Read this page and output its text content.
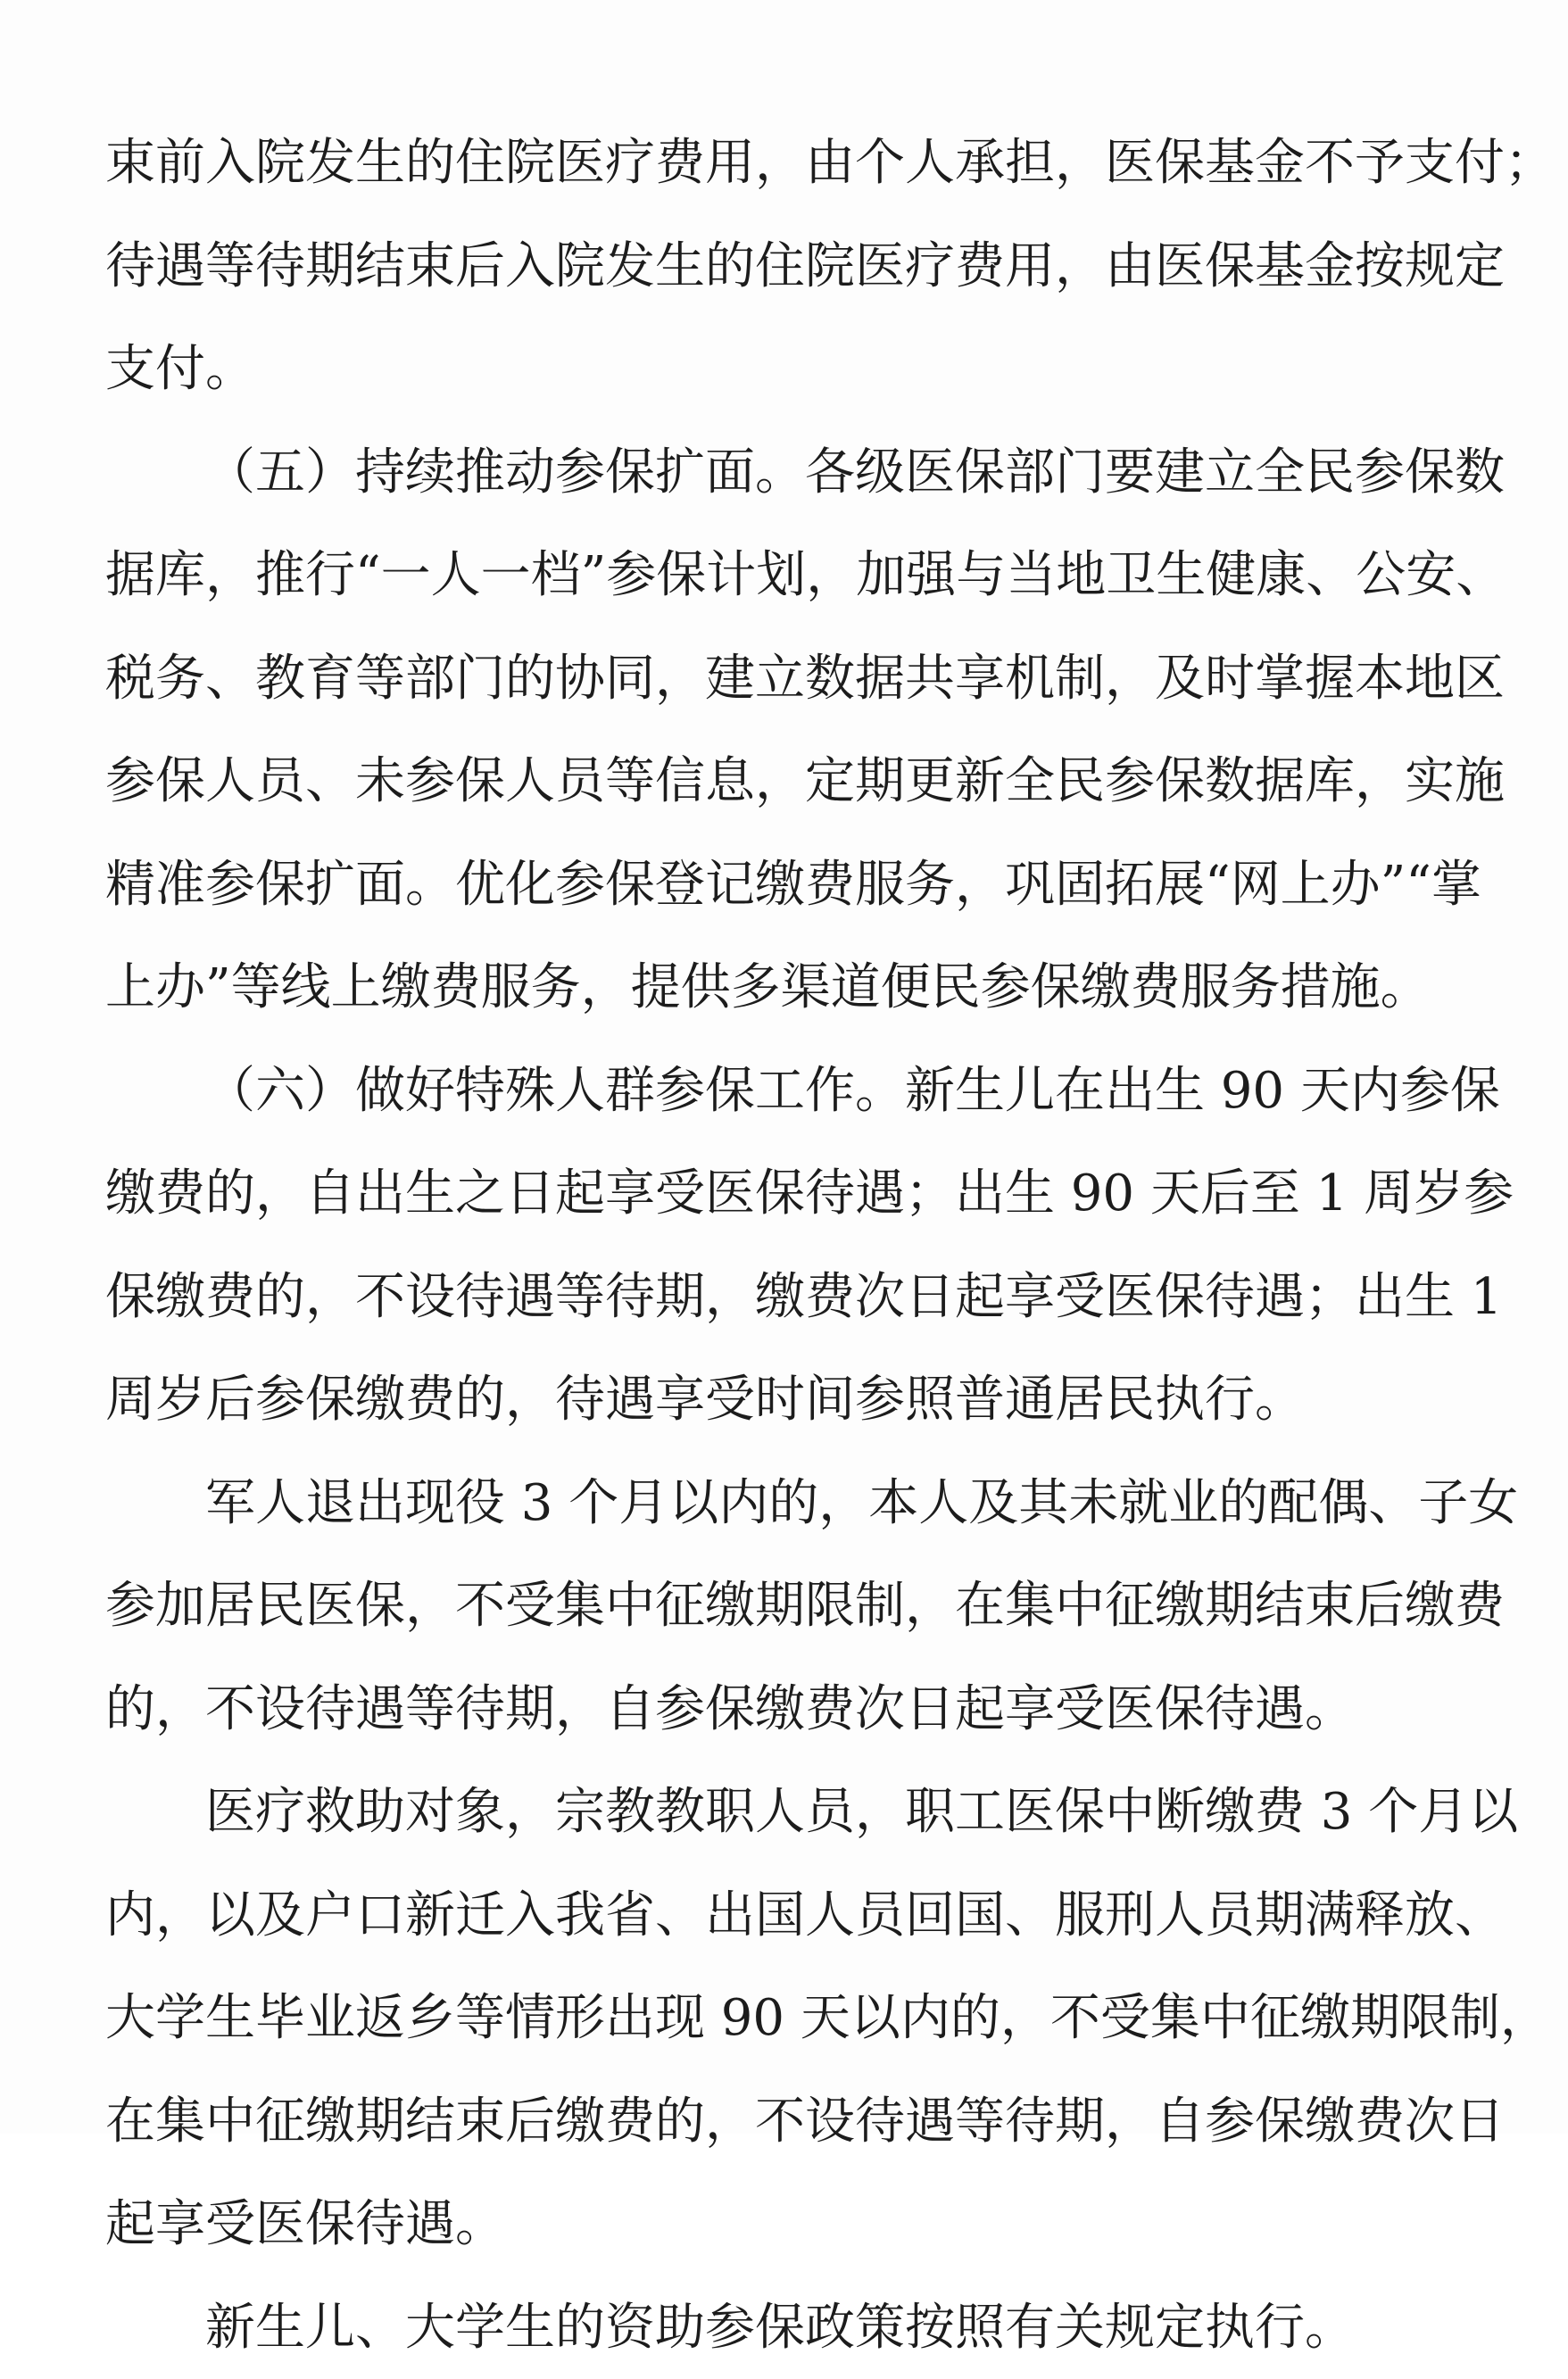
束前入院发生的住院医疗费用，由个人承担，医保基金不予支付；
待遇等待期结束后入院发生的住院医疗费用，由医保基金按规定
支付。
（五）持续推动参保扩面。各级医保部门要建立全民参保数
据库，推行“一人一档”参保计划，加强与当地卫生健康、公安、
税务、教育等部门的协同，建立数据共享机制，及时掌握本地区
参保人员、未参保人员等信息，定期更新全民参保数据库，实施
精准参保扩面。优化参保登记缴费服务，巩固拓展“网上办”“掌
上办”等线上缴费服务，提供多渠道便民参保缴费服务措施。
（六）做好特殊人群参保工作。新生儿在出生 90 天内参保
缴费的，自出生之日起享受医保待遇；出生 90 天后至 1 周岁参
保缴费的，不设待遇等待期，缴费次日起享受医保待遇；出生 1
周岁后参保缴费的，待遇享受时间参照普通居民执行。
军人退出现役 3 个月以内的，本人及其未就业的配偶、子女
参加居民医保，不受集中征缴期限制，在集中征缴期结束后缴费
的，不设待遇等待期，自参保缴费次日起享受医保待遇。
医疗救助对象，宗教教职人员，职工医保中断缴费 3 个月以
内，以及户口新迁入我省、出国人员回国、服刑人员期满释放、
大学生毕业返乡等情形出现 90 天以内的，不受集中征缴期限制，
在集中征缴期结束后缴费的，不设待遇等待期，自参保缴费次日
起享受医保待遇。
新生儿、大学生的资助参保政策按照有关规定执行。
